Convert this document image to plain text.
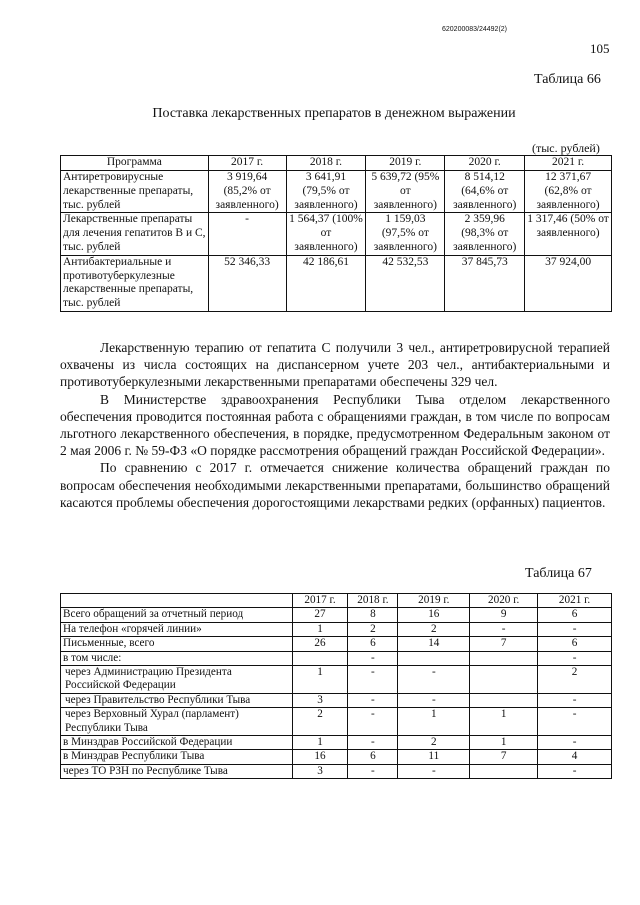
620200083/24492(2)
105
Таблица 66
Поставка лекарственных препаратов в денежном выражении
(тыс. рублей)
Программа	2017 г.	2018 г.	2019 г.	2020 г.	2021 г.
Антиретровирусные лекарственные препараты, тыс. рублей	3 919,64 (85,2% от заявленного)	3 641,91 (79,5% от заявленного)	5 639,72 (95% от заявленного)	8 514,12 (64,6% от заявленного)	12 371,67 (62,8% от заявленного)
Лекарственные препараты для лечения гепатитов В и С, тыс. рублей	-	1 564,37 (100% от заявленного)	1 159,03 (97,5% от заявленного)	2 359,96 (98,3% от заявленного)	1 317,46 (50% от заявленного)
Антибактериальные и противотуберкулезные лекарственные препараты, тыс. рублей	52 346,33	42 186,61	42 532,53	37 845,73	37 924,00

Лекарственную терапию от гепатита С получили 3 чел., антиретровирусной терапией охвачены из числа состоящих на диспансерном учете 203 чел., антибактериальными и противотуберкулезными лекарственными препаратами обеспечены 329 чел.

В Министерстве здравоохранения Республики Тыва отделом лекарственного обеспечения проводится постоянная работа с обращениями граждан, в том числе по вопросам льготного лекарственного обеспечения, в порядке, предусмотренном Федеральным законом от 2 мая 2006 г. № 59-ФЗ «О порядке рассмотрения обращений граждан Российской Федерации».

По сравнению с 2017 г. отмечается снижение количества обращений граждан по вопросам обеспечения необходимыми лекарственными препаратами, большинство обращений касаются проблемы обеспечения дорогостоящими лекарствами редких (орфанных) пациентов.

Таблица 67
	2017 г.	2018 г.	2019 г.	2020 г.	2021 г.
Всего обращений за отчетный период	27	8	16	9	6
На телефон «горячей линии»	1	2	2	-	-
Письменные, всего	26	6	14	7	6
в том числе:		-			-
через Администрацию Президента Российской Федерации	1	-	-		2
через Правительство Республики Тыва	3	-	-		-
через Верховный Хурал (парламент) Республики Тыва	2	-	1	1	-
в Минздрав Российской Федерации	1	-	2	1	-
в Минздрав Республики Тыва	16	6	11	7	4
через ТО РЗН по Республике Тыва	3	-	-		-
